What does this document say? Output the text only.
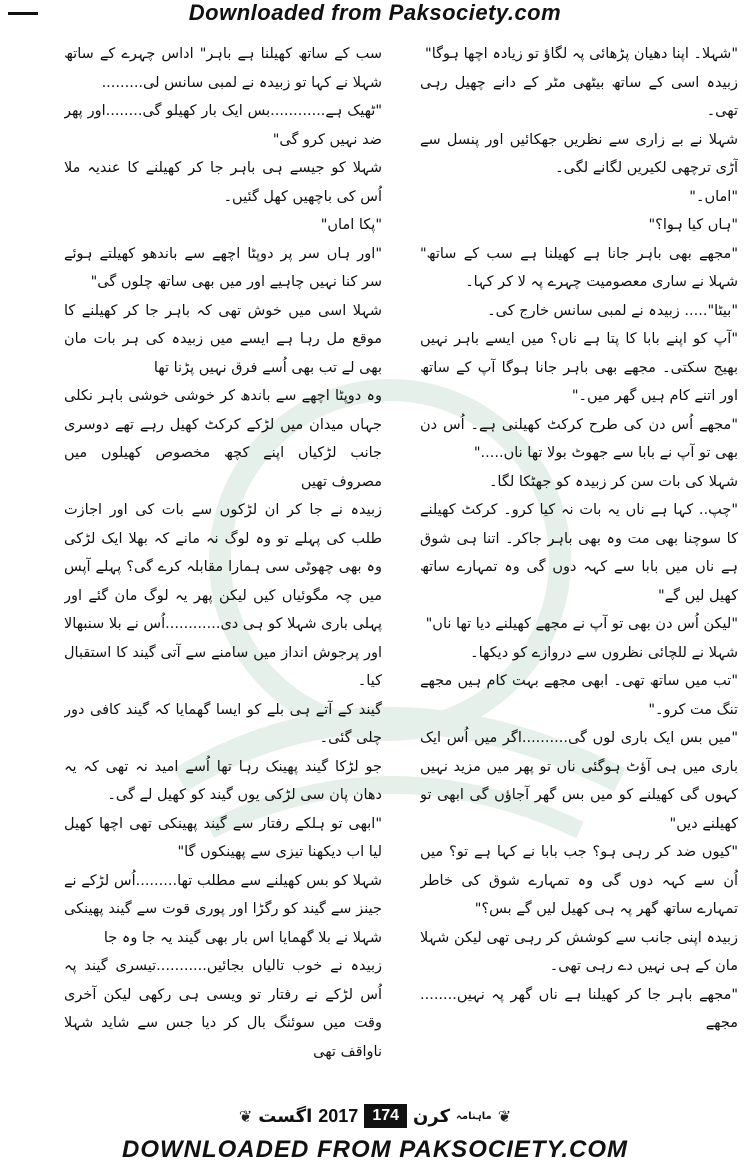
Downloaded from Paksociety.com

"شہلا۔ اپنا دھیان پڑھائی پہ لگاؤ تو زیادہ اچھا ہوگا"

زبیدہ اسی کے ساتھ بیٹھی مٹر کے دانے چھیل رہی تھی۔

شہلا نے بے زاری سے نظریں جھکائیں اور پنسل سے آڑی ترچھی لکیریں لگانے لگی۔

"اماں۔"

"ہاں کیا ہوا؟"

"مجھے بھی باہر جانا ہے کھیلنا ہے سب کے ساتھ" شہلا نے ساری معصومیت چہرے پہ لا کر کہا۔

"بیٹا"..... زبیدہ نے لمبی سانس خارج کی۔

"آپ کو اپنے بابا کا پتا ہے ناں؟ میں ایسے باہر نہیں بھیج سکتی۔ مجھے بھی باہر جانا ہوگا آپ کے ساتھ اور اتنے کام ہیں گھر میں۔"

"مجھے اُس دن کی طرح کرکٹ کھیلنی ہے۔ اُس دن بھی تو آپ نے بابا سے جھوٹ بولا تھا ناں....."

شہلا کی بات سن کر زبیدہ کو جھٹکا لگا۔

"چپ.. کہا ہے ناں یہ بات نہ کیا کرو۔ کرکٹ کھیلنے کا سوچنا بھی مت وہ بھی باہر جاکر۔ اتنا ہی شوق ہے ناں میں بابا سے کہہ دوں گی وہ تمہارے ساتھ کھیل لیں گے"

"لیکن اُس دن بھی تو آپ نے مجھے کھیلنے دیا تھا ناں"

شہلا نے للچائی نظروں سے دروازے کو دیکھا۔

"تب میں ساتھ تھی۔ ابھی مجھے بہت کام ہیں مجھے تنگ مت کرو۔"

"میں بس ایک باری لوں گی..........اگر میں اُس ایک باری میں ہی آؤٹ ہوگئی ناں تو پھر میں مزید نہیں کہوں گی کھیلنے کو میں بس گھر آجاؤں گی ابھی تو کھیلنے دیں"

"کیوں ضد کر رہی ہو؟ جب بابا نے کہا ہے تو؟ میں اُن سے کہہ دوں گی وہ تمہارے شوق کی خاطر تمہارے ساتھ گھر پہ ہی کھیل لیں گے بس؟"

زبیدہ اپنی جانب سے کوشش کر رہی تھی لیکن شہلا مان کے ہی نہیں دے رہی تھی۔

"مجھے باہر جا کر کھیلنا ہے ناں گھر پہ نہیں........ مجھے

سب کے ساتھ کھیلنا ہے باہر" اداس چہرے کے ساتھ شہلا نے کہا تو زبیدہ نے لمبی سانس لی.........

"ٹھیک ہے............بس ایک بار کھیلو گی........اور پھر ضد نہیں کرو گی"

شہلا کو جیسے ہی باہر جا کر کھیلنے کا عندیہ ملا اُس کی باچھیں کھل گئیں۔

"پکا اماں"

"اور ہاں سر پر دوپٹا اچھے سے باندھو کھیلتے ہوئے سر کنا نہیں چاہیے اور میں بھی ساتھ چلوں گی"

شہلا اسی میں خوش تھی کہ باہر جا کر کھیلنے کا موقع مل رہا ہے ایسے میں زبیدہ کی ہر بات مان بھی لے تب بھی اُسے فرق نہیں پڑنا تھا

وہ دوپٹا اچھے سے باندھ کر خوشی خوشی باہر نکلی جہاں میدان میں لڑکے کرکٹ کھیل رہے تھے دوسری جانب لڑکیاں اپنے کچھ مخصوص کھیلوں میں مصروف تھیں

زبیدہ نے جا کر ان لڑکوں سے بات کی اور اجازت طلب کی پہلے تو وہ لوگ نہ مانے کہ بھلا ایک لڑکی وہ بھی چھوٹی سی ہمارا مقابلہ کرے گی؟ پہلے آپس میں چہ مگوئیاں کیں لیکن پھر یہ لوگ مان گئے اور پہلی باری شہلا کو ہی دی............اُس نے بلا سنبھالا اور پرجوش انداز میں سامنے سے آتی گیند کا استقبال کیا۔

گیند کے آتے ہی بلے کو ایسا گھمایا کہ گیند کافی دور چلی گئی۔

جو لڑکا گیند پھینک رہا تھا اُسے امید نہ تھی کہ یہ دھان پان سی لڑکی یوں گیند کو کھیل لے گی۔

"ابھی تو ہلکے رفتار سے گیند پھینکی تھی اچھا کھیل لیا اب دیکھنا تیزی سے پھینکوں گا"

شہلا کو بس کھیلنے سے مطلب تھا.........اُس لڑکے نے جینز سے گیند کو رگڑا اور پوری قوت سے گیند پھینکی شہلا نے بلا گھمایا اس بار بھی گیند یہ جا وہ جا

زبیدہ نے خوب تالیاں بجائیں...........تیسری گیند پہ اُس لڑکے نے رفتار تو ویسی ہی رکھی لیکن آخری وقت میں سوئنگ بال کر دیا جس سے شاید شہلا ناواقف تھی

❦ اگست 2017 174 کرن ماہنامہ ❦
DOWNLOADED FROM PAKSOCIETY.COM
